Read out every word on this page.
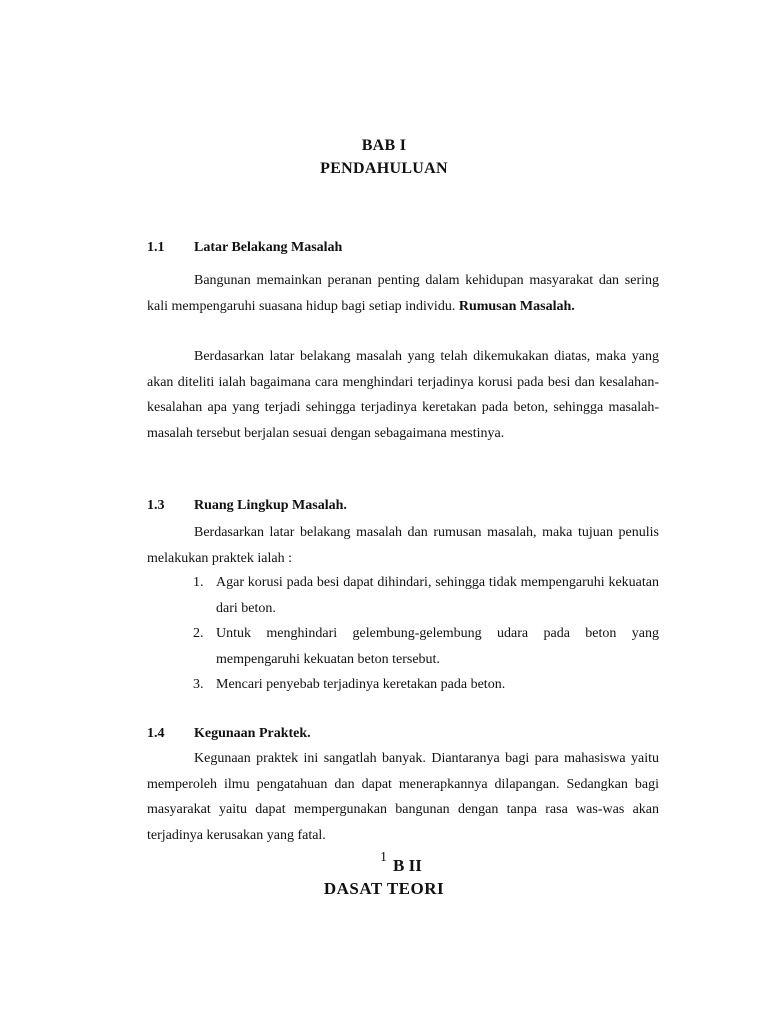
BAB I
PENDAHULUAN
1.1 Latar Belakang Masalah

Bangunan memainkan peranan penting dalam kehidupan masyarakat dan sering kali mempengaruhi suasana hidup bagi setiap individu. Rumusan Masalah.

Berdasarkan latar belakang masalah yang telah dikemukakan diatas, maka yang akan diteliti ialah bagaimana cara menghindari terjadinya korusi pada besi dan kesalahan-kesalahan apa yang terjadi sehingga terjadinya keretakan pada beton, sehingga masalah-masalah tersebut berjalan sesuai dengan sebagaimana mestinya.

1.3 Ruang Lingkup Masalah.

Berdasarkan latar belakang masalah dan rumusan masalah, maka tujuan penulis melakukan praktek ialah :

1. Agar korusi pada besi dapat dihindari, sehingga tidak mempengaruhi kekuatan dari beton.
2. Untuk menghindari gelembung-gelembung udara pada beton yang mempengaruhi kekuatan beton tersebut.
3. Mencari penyebab terjadinya keretakan pada beton.
1.4 Kegunaan Praktek.

Kegunaan praktek ini sangatlah banyak. Diantaranya bagi para mahasiswa yaitu memperoleh ilmu pengatahuan dan dapat menerapkannya dilapangan. Sedangkan bagi masyarakat yaitu dapat mempergunakan bangunan dengan tanpa rasa was-was akan terjadinya kerusakan yang fatal.

1 B II
DASAT TEORI
